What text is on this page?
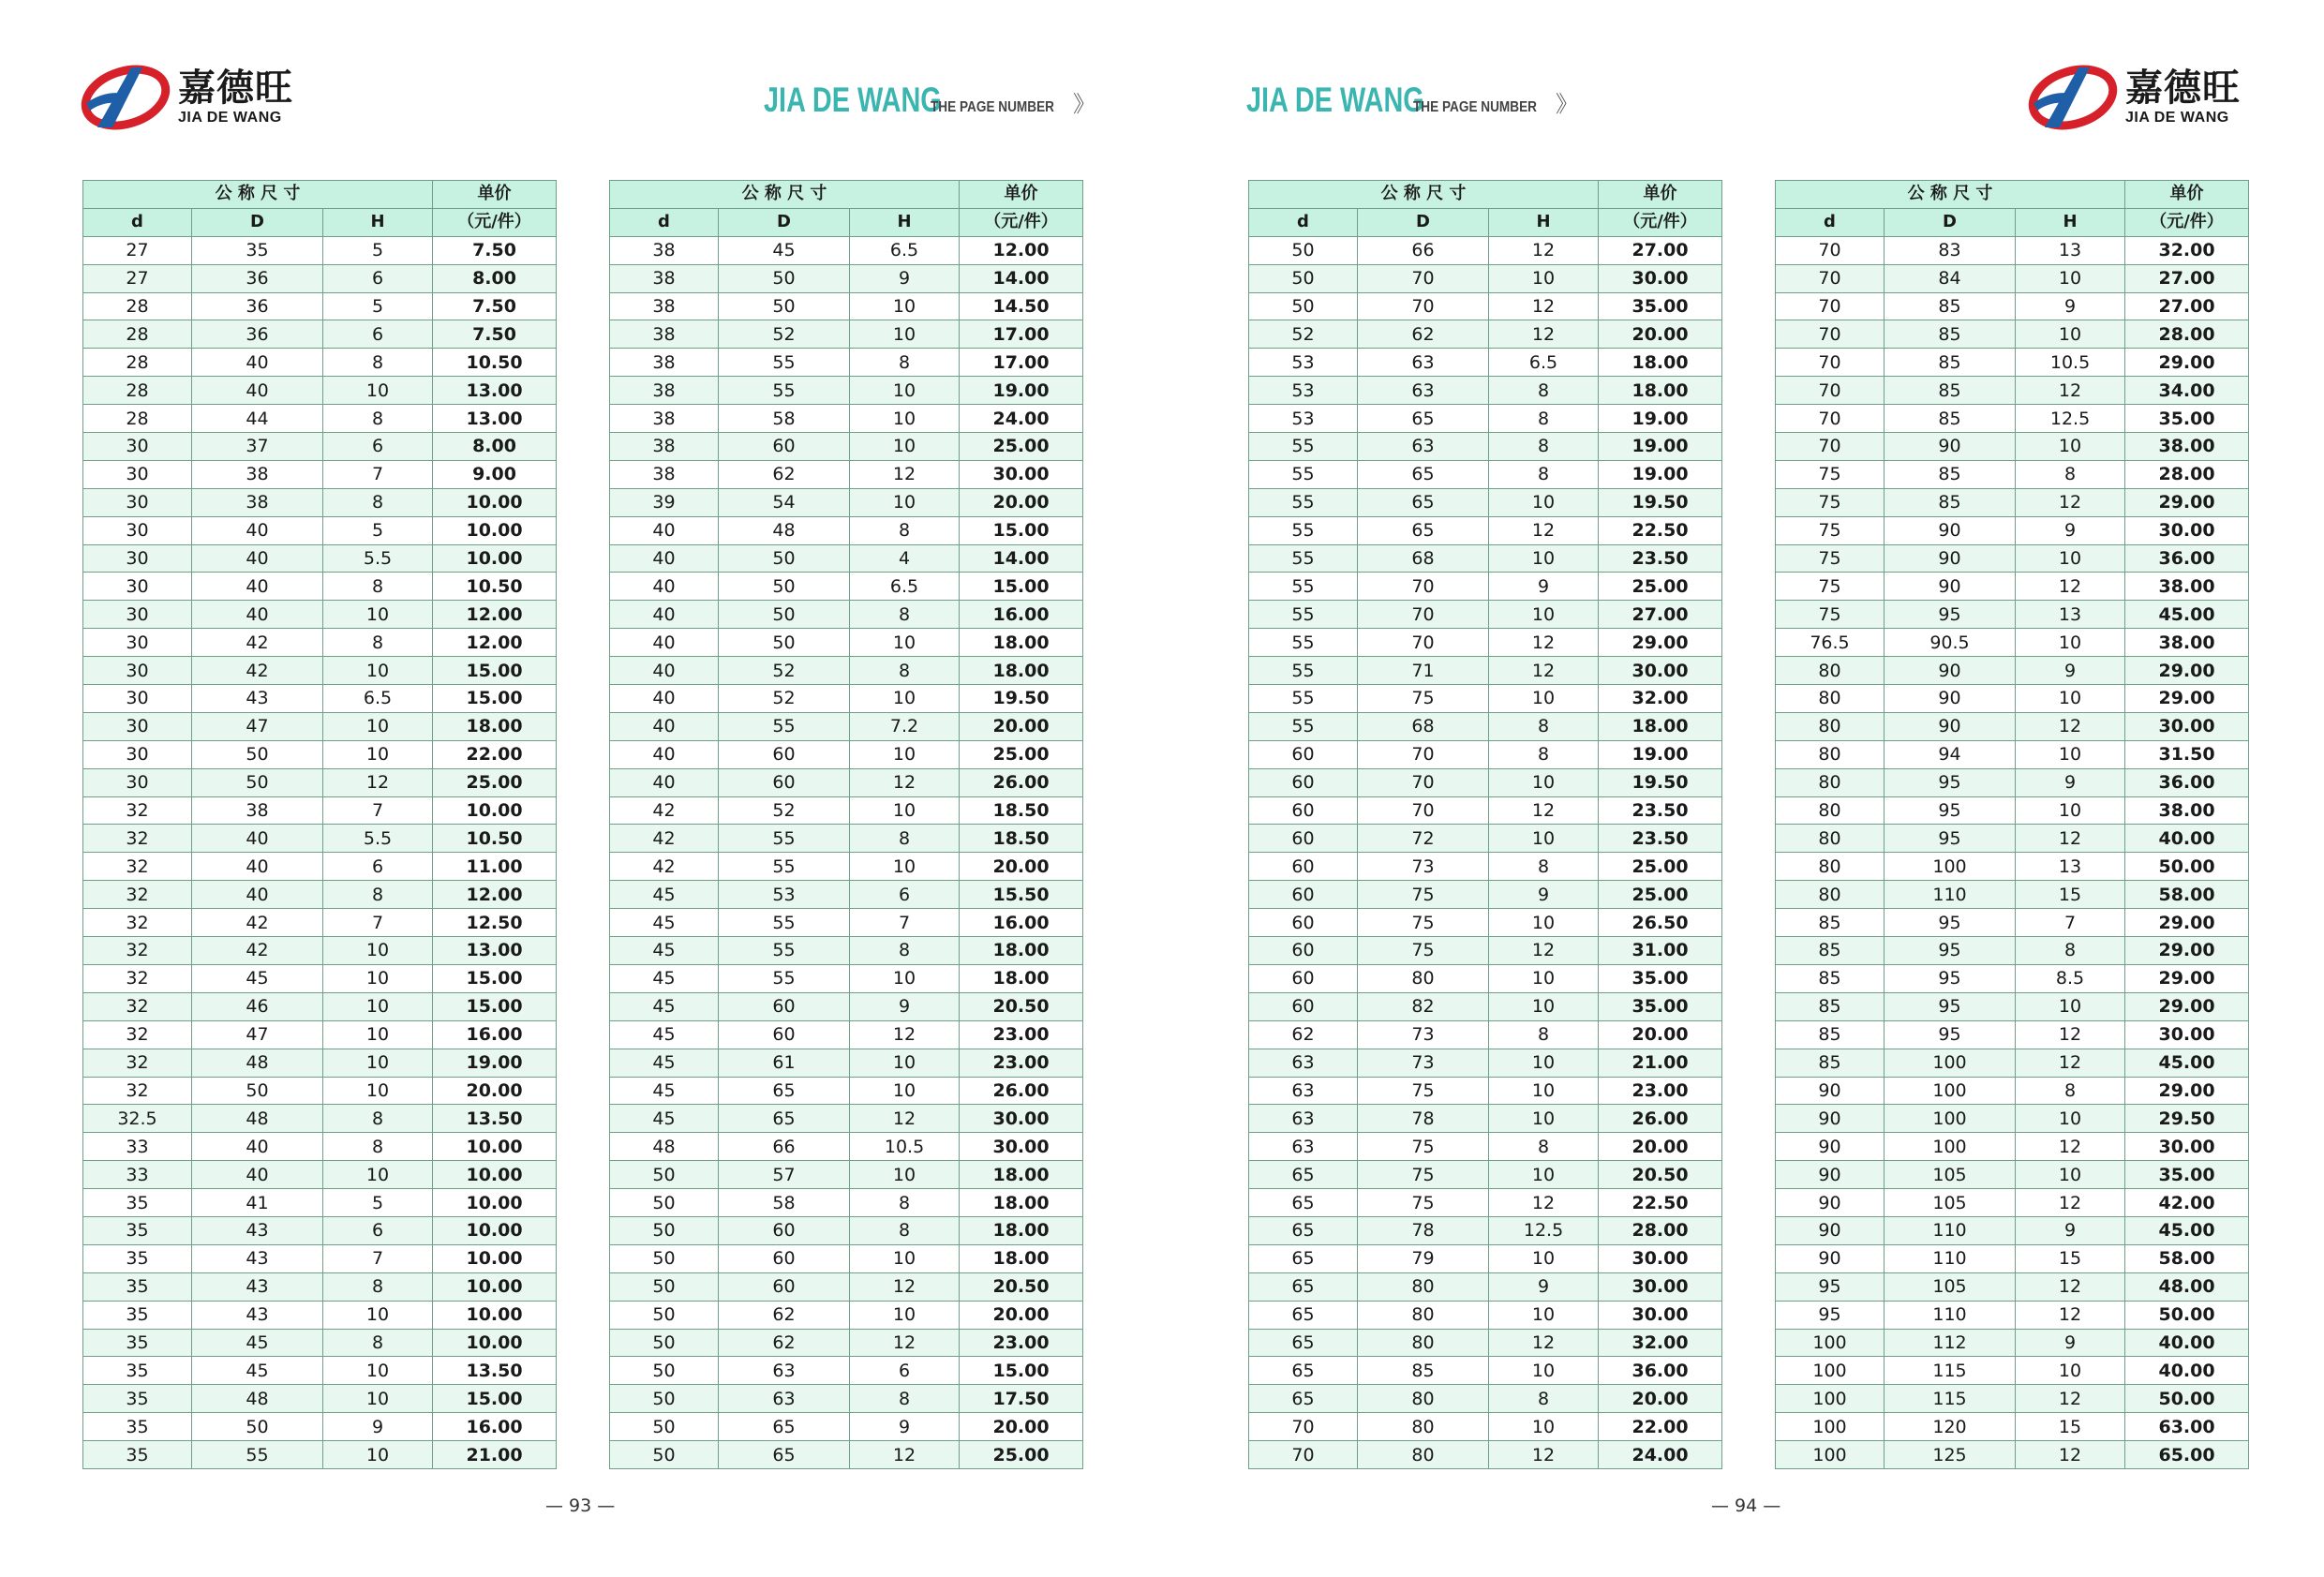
嘉德旺
JIA DE WANG
嘉德旺
JIA DE WANG
JIA DE WANG
THE PAGE NUMBER 》	JIA DE WANG
THE PAGE NUMBER 》
公 称 尺 寸			单价
d	D	H	（元/件）
27	35	5	7.50
27	36	6	8.00
28	36	5	7.50
28	36	6	7.50
28	40	8	10.50
28	40	10	13.00
28	44	8	13.00
30	37	6	8.00
30	38	7	9.00
30	38	8	10.00
30	40	5	10.00
30	40	5.5	10.00
30	40	8	10.50
30	40	10	12.00
30	42	8	12.00
30	42	10	15.00
30	43	6.5	15.00
30	47	10	18.00
30	50	10	22.00
30	50	12	25.00
32	38	7	10.00
32	40	5.5	10.50
32	40	6	11.00
32	40	8	12.00
32	42	7	12.50
32	42	10	13.00
32	45	10	15.00
32	46	10	15.00
32	47	10	16.00
32	48	10	19.00
32	50	10	20.00
32.5	48	8	13.50
33	40	8	10.00
33	40	10	10.00
35	41	5	10.00
35	43	6	10.00
35	43	7	10.00
35	43	8	10.00
35	43	10	10.00
35	45	8	10.00
35	45	10	13.50
35	48	10	15.00
35	50	9	16.00
35	55	10	21.00
公 称 尺 寸			单价
d	D	H	（元/件）
38	45	6.5	12.00
38	50	9	14.00
38	50	10	14.50
38	52	10	17.00
38	55	8	17.00
38	55	10	19.00
38	58	10	24.00
38	60	10	25.00
38	62	12	30.00
39	54	10	20.00
40	48	8	15.00
40	50	4	14.00
40	50	6.5	15.00
40	50	8	16.00
40	50	10	18.00
40	52	8	18.00
40	52	10	19.50
40	55	7.2	20.00
40	60	10	25.00
40	60	12	26.00
42	52	10	18.50
42	55	8	18.50
42	55	10	20.00
45	53	6	15.50
45	55	7	16.00
45	55	8	18.00
45	55	10	18.00
45	60	9	20.50
45	60	12	23.00
45	61	10	23.00
45	65	10	26.00
45	65	12	30.00
48	66	10.5	30.00
50	57	10	18.00
50	58	8	18.00
50	60	8	18.00
50	60	10	18.00
50	60	12	20.50
50	62	10	20.00
50	62	12	23.00
50	63	6	15.00
50	63	8	17.50
50	65	9	20.00
50	65	12	25.00
公 称 尺 寸			单价
d	D	H	（元/件）
50	66	12	27.00
50	70	10	30.00
50	70	12	35.00
52	62	12	20.00
53	63	6.5	18.00
53	63	8	18.00
53	65	8	19.00
55	63	8	19.00
55	65	8	19.00
55	65	10	19.50
55	65	12	22.50
55	68	10	23.50
55	70	9	25.00
55	70	10	27.00
55	70	12	29.00
55	71	12	30.00
55	75	10	32.00
55	68	8	18.00
60	70	8	19.00
60	70	10	19.50
60	70	12	23.50
60	72	10	23.50
60	73	8	25.00
60	75	9	25.00
60	75	10	26.50
60	75	12	31.00
60	80	10	35.00
60	82	10	35.00
62	73	8	20.00
63	73	10	21.00
63	75	10	23.00
63	78	10	26.00
63	75	8	20.00
65	75	10	20.50
65	75	12	22.50
65	78	12.5	28.00
65	79	10	30.00
65	80	9	30.00
65	80	10	30.00
65	80	12	32.00
65	85	10	36.00
65	80	8	20.00
70	80	10	22.00
70	80	12	24.00
公 称 尺 寸			单价
d	D	H	（元/件）
70	83	13	32.00
70	84	10	27.00
70	85	9	27.00
70	85	10	28.00
70	85	10.5	29.00
70	85	12	34.00
70	85	12.5	35.00
70	90	10	38.00
75	85	8	28.00
75	85	12	29.00
75	90	9	30.00
75	90	10	36.00
75	90	12	38.00
75	95	13	45.00
76.5	90.5	10	38.00
80	90	9	29.00
80	90	10	29.00
80	90	12	30.00
80	94	10	31.50
80	95	9	36.00
80	95	10	38.00
80	95	12	40.00
80	100	13	50.00
80	110	15	58.00
85	95	7	29.00
85	95	8	29.00
85	95	8.5	29.00
85	95	10	29.00
85	95	12	30.00
85	100	12	45.00
90	100	8	29.00
90	100	10	29.50
90	100	12	30.00
90	105	10	35.00
90	105	12	42.00
90	110	9	45.00
90	110	15	58.00
95	105	12	48.00
95	110	12	50.00
100	112	9	40.00
100	115	10	40.00
100	115	12	50.00
100	120	15	63.00
100	125	12	65.00
— 93 —	— 94 —
